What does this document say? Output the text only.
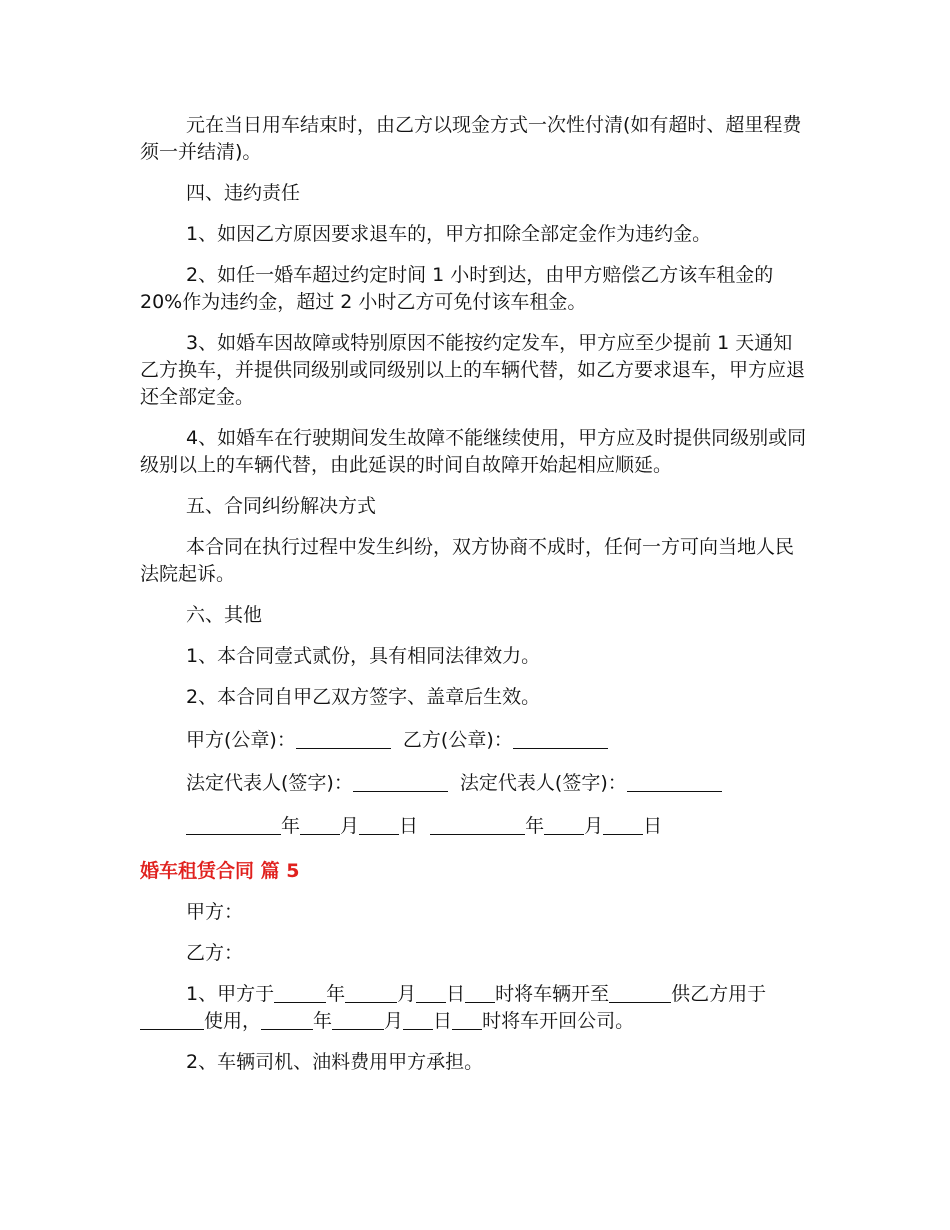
元在当日用车结束时，由乙方以现金方式一次性付清(如有超时、超里程费须一并结清)。

四、违约责任

1、如因乙方原因要求退车的，甲方扣除全部定金作为违约金。

2、如任一婚车超过约定时间 1 小时到达，由甲方赔偿乙方该车租金的 20%作为违约金，超过 2 小时乙方可免付该车租金。

3、如婚车因故障或特别原因不能按约定发车，甲方应至少提前 1 天通知乙方换车，并提供同级别或同级别以上的车辆代替，如乙方要求退车，甲方应退还全部定金。

4、如婚车在行驶期间发生故障不能继续使用，甲方应及时提供同级别或同级别以上的车辆代替，由此延误的时间自故障开始起相应顺延。

五、合同纠纷解决方式

本合同在执行过程中发生纠纷，双方协商不成时，任何一方可向当地人民法院起诉。

六、其他

1、本合同壹式贰份，具有相同法律效力。

2、本合同自甲乙双方签字、盖章后生效。

甲方(公章)：	乙方(公章)：

法定代表人(签字)：	法定代表人(签字)：

年 月 日	年 月 日

婚车租赁合同 篇 5

甲方：

乙方：

1、甲方于	年	月 日 时将车辆开至	供乙方用于使用，	年	月 日 时将车开回公司。

2、车辆司机、油料费用甲方承担。
